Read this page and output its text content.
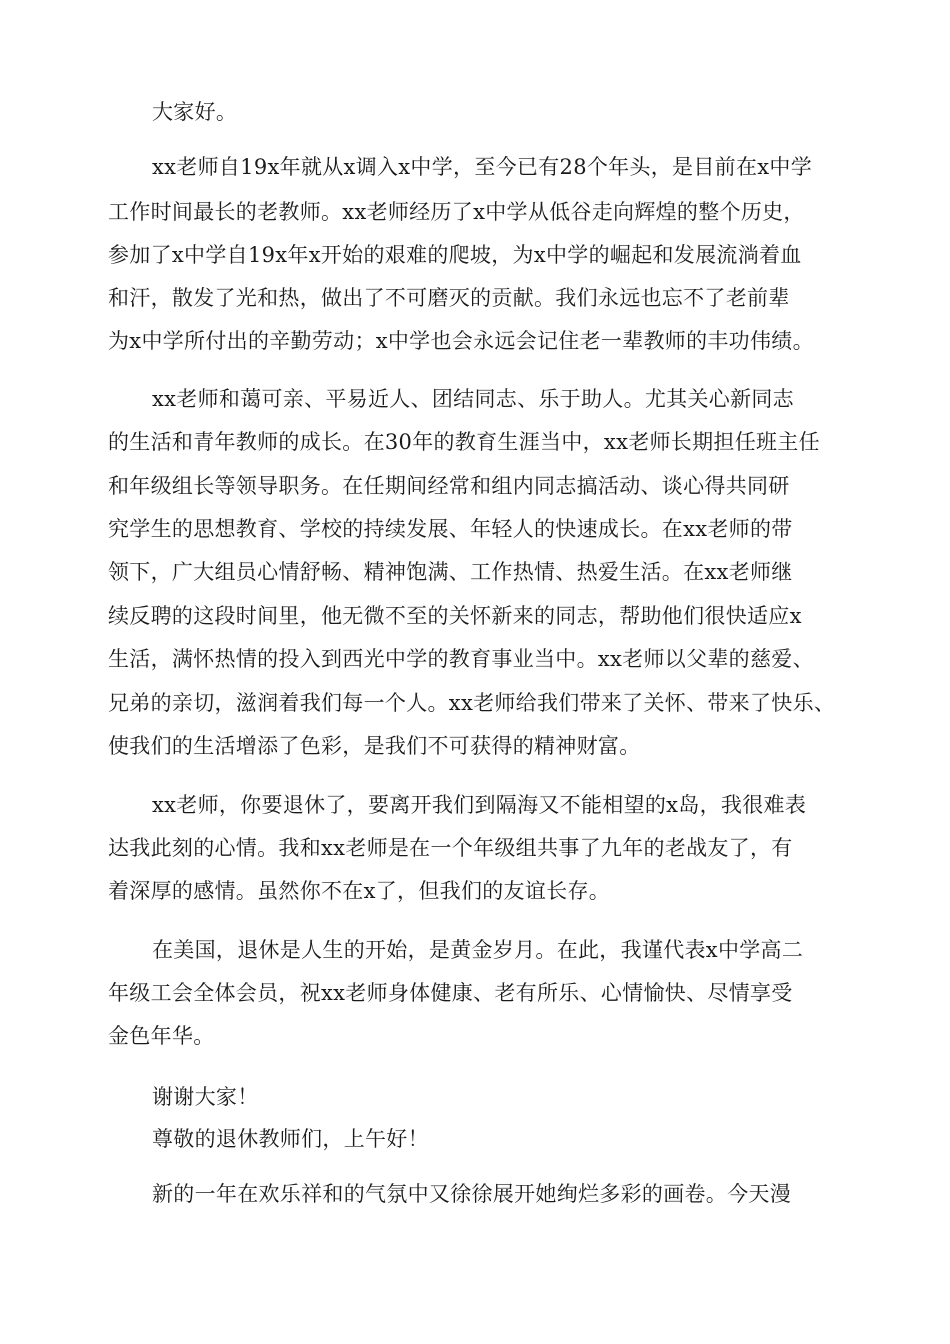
大家好。
xx老师自19x年就从x调入x中学，至今已有28个年头，是目前在x中学
工作时间最长的老教师。xx老师经历了x中学从低谷走向辉煌的整个历史，
参加了x中学自19x年x开始的艰难的爬坡，为x中学的崛起和发展流淌着血
和汗，散发了光和热，做出了不可磨灭的贡献。我们永远也忘不了老前辈
为x中学所付出的辛勤劳动；x中学也会永远会记住老一辈教师的丰功伟绩。
xx老师和蔼可亲、平易近人、团结同志、乐于助人。尤其关心新同志
的生活和青年教师的成长。在30年的教育生涯当中，xx老师长期担任班主任
和年级组长等领导职务。在任期间经常和组内同志搞活动、谈心得共同研
究学生的思想教育、学校的持续发展、年轻人的快速成长。在xx老师的带
领下，广大组员心情舒畅、精神饱满、工作热情、热爱生活。在xx老师继
续反聘的这段时间里，他无微不至的关怀新来的同志，帮助他们很快适应x
生活，满怀热情的投入到西光中学的教育事业当中。xx老师以父辈的慈爱、
兄弟的亲切，滋润着我们每一个人。xx老师给我们带来了关怀、带来了快乐、
使我们的生活增添了色彩，是我们不可获得的精神财富。
xx老师，你要退休了，要离开我们到隔海又不能相望的x岛，我很难表
达我此刻的心情。我和xx老师是在一个年级组共事了九年的老战友了，有
着深厚的感情。虽然你不在x了，但我们的友谊长存。
在美国，退休是人生的开始，是黄金岁月。在此，我谨代表x中学高二
年级工会全体会员，祝xx老师身体健康、老有所乐、心情愉快、尽情享受
金色年华。
谢谢大家！
尊敬的退休教师们，上午好！
新的一年在欢乐祥和的气氛中又徐徐展开她绚烂多彩的画卷。今天漫
